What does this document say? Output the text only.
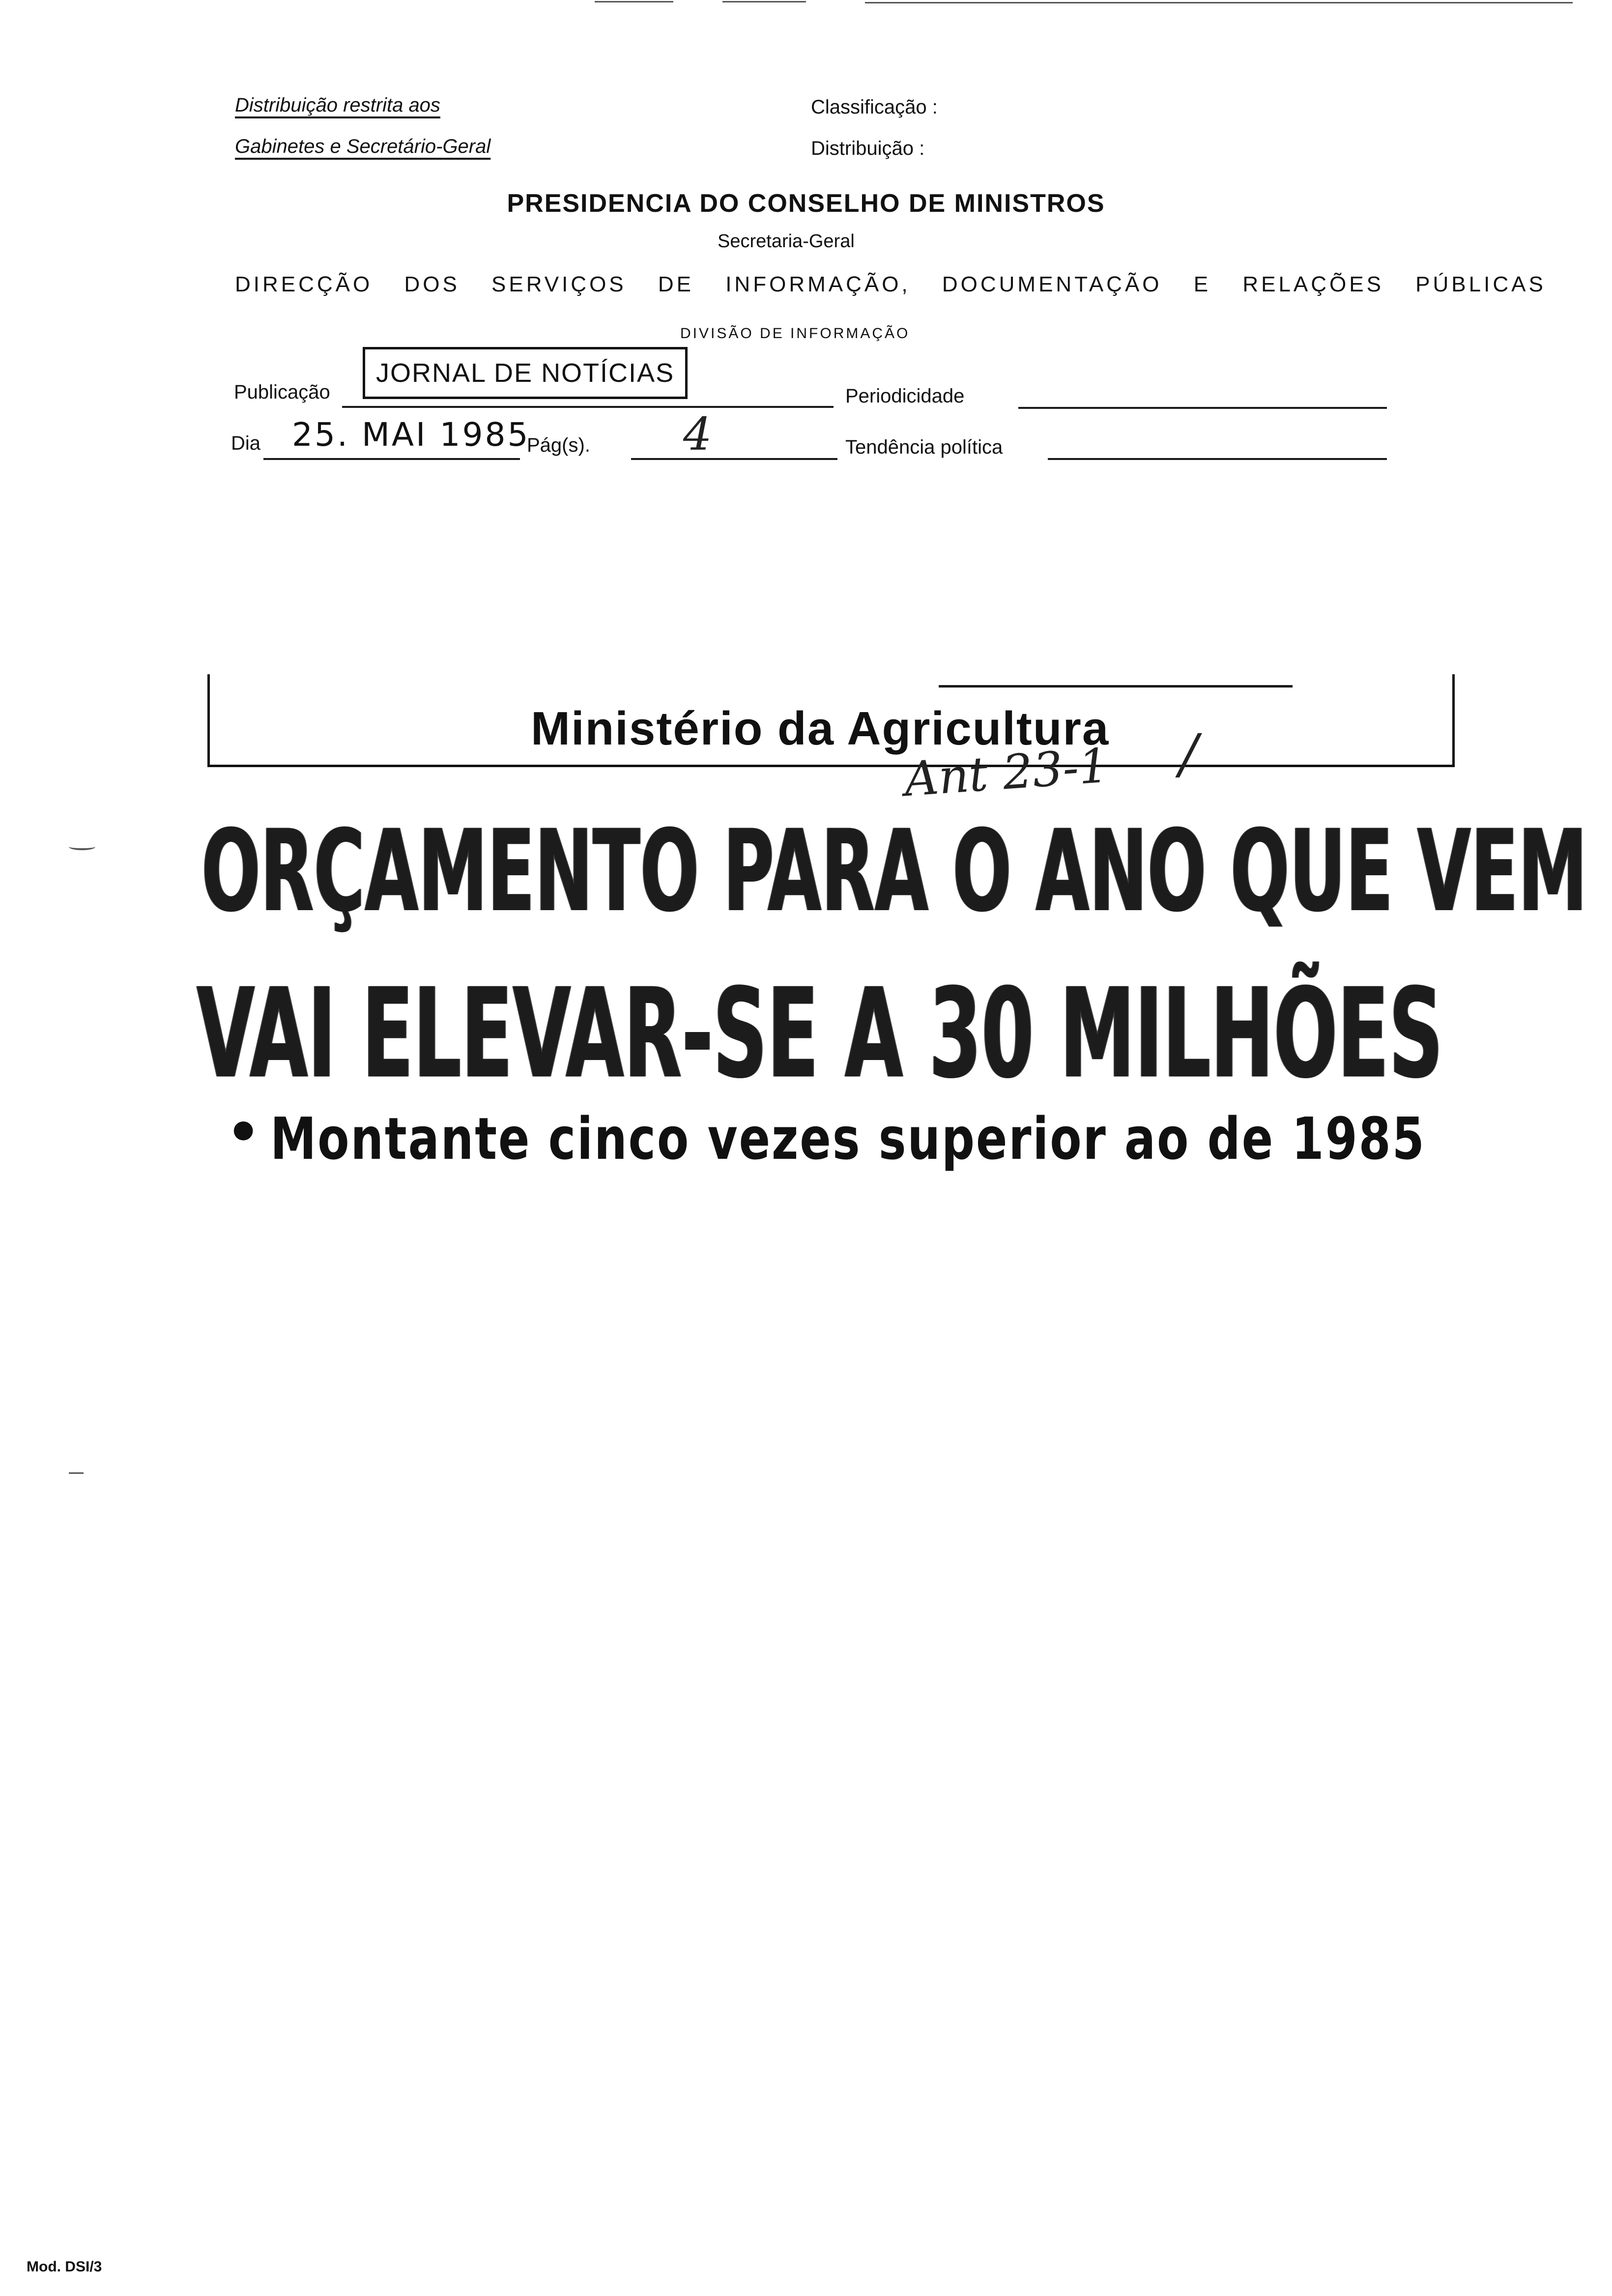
Distribuição restrita aos
Gabinetes e Secretário-Geral
Classificação :
Distribuição :
PRESIDENCIA DO CONSELHO DE MINISTROS
Secretaria-Geral
DIRECÇÃO DOS SERVIÇOS DE INFORMAÇÃO, DOCUMENTAÇÃO E RELAÇÕES PÚBLICAS
DIVISÃO DE INFORMAÇÃO
Publicação
JORNAL DE NOTÍCIAS
Periodicidade
Dia 25. MAI 1985
Pág(s). 4	Tendência política
Ministério da Agricultura
Ant 23-1 /
ORÇAMENTO PARA O ANO QUE VEM
VAI ELEVAR-SE A 30 MILHÕES
• Montante cinco vezes superior ao de 1985
Mod. DSI/3
